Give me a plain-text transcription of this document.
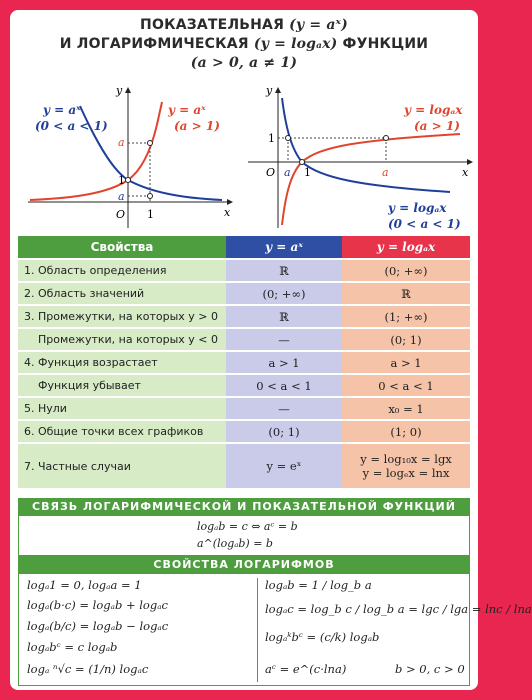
ПОКАЗАТЕЛЬНАЯ (y = aˣ)
И ЛОГАРИФМИЧЕСКАЯ (y = logₐx) ФУНКЦИИ
(a > 0, a ≠ 1)
y = aˣ
(0 < a < 1)
y = aˣ
(a > 1)
y
x
a
1
a
O 1
y = logₐx
(a > 1)
y = logₐx
(0 < a < 1)
y
x
1
O a 1	a
Свойства	y = aˣ	y = logₐx
1. Область определения	ℝ	(0; +∞)
2. Область значений	(0; +∞)	ℝ
3. Промежутки, на которых y > 0	ℝ	(1; +∞)
Промежутки, на которых y < 0	—	(0; 1)
4. Функция возрастает	a > 1	a > 1
Функция убывает	0 < a < 1	0 < a < 1
5. Нули	—	x₀ = 1
6. Общие точки всех графиков	(0; 1)	(1; 0)
7. Частные случаи	y = eˣ	y = log₁₀x = lgx
y = logₑx = lnx
СВЯЗЬ ЛОГАРИФМИЧЕСКОЙ И ПОКАЗАТЕЛЬНОЙ ФУНКЦИЙ
logₐb = c ⇔ aᶜ = b
a^(logₐb) = b
СВОЙСТВА ЛОГАРИФМОВ
logₐ1 = 0, logₐa = 1
logₐ(b·c) = logₐb + logₐc
logₐ(b/c) = logₐb − logₐc
logₐbᶜ = c logₐb
logₐ ⁿ√c = (1/n) logₐc
logₐb = 1 / log_b a
logₐc = log_b c / log_b a = lgc / lga = lnc / lna
logₐᵏbᶜ = (c/k) logₐb
aᶜ = e^(c·lna)	b > 0, c > 0
